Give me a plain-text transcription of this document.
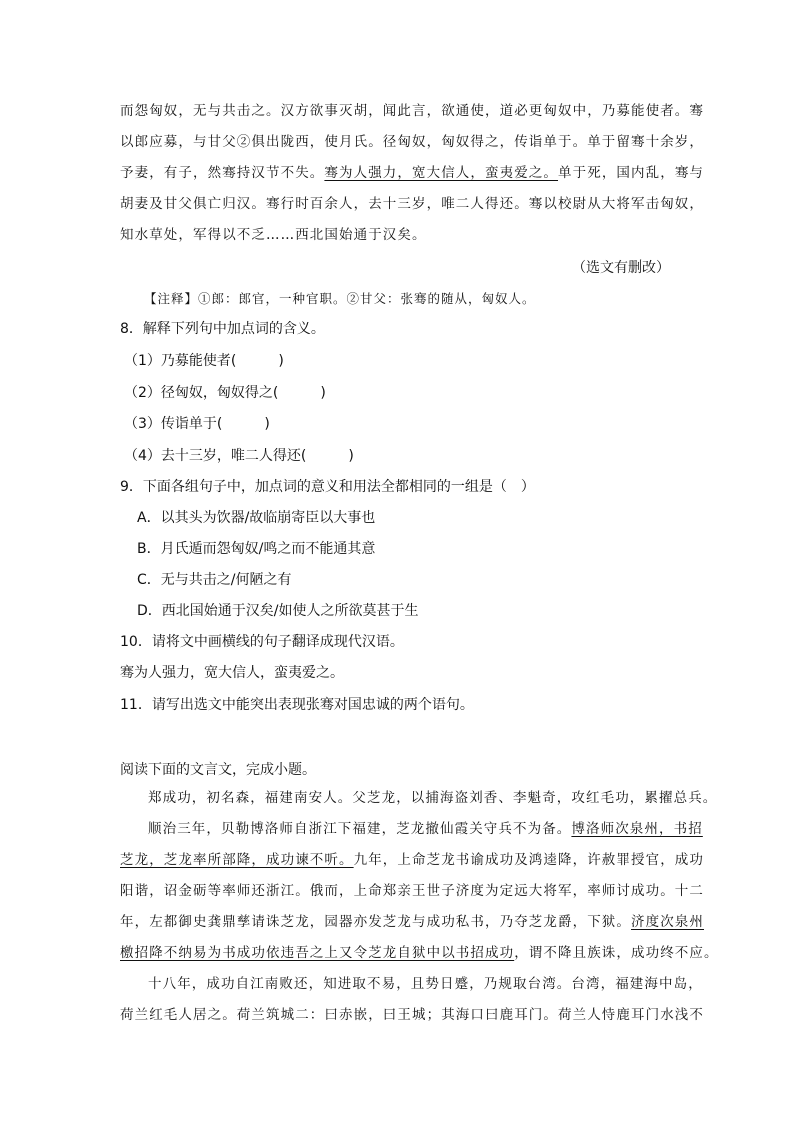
而怨匈奴，无与共击之。汉方欲事灭胡，闻此言，欲通使，道必更匈奴中，乃募能使者。骞
以郎应募，与甘父②俱出陇西，使月氏。径匈奴，匈奴得之，传诣单于。单于留骞十余岁，
予妻，有子，然骞持汉节不失。骞为人强力，宽大信人，蛮夷爱之。单于死，国内乱，骞与
胡妻及甘父俱亡归汉。骞行时百余人，去十三岁，唯二人得还。骞以校尉从大将军击匈奴，
知水草处，军得以不乏……西北国始通于汉矣。
（选文有删改）
【注释】①郎：郎官，一种官职。②甘父：张骞的随从，匈奴人。
8．解释下列句中加点词的含义。
（1）乃募能使者(　　　)
（2）径匈奴，匈奴得之(　　　)
（3）传诣单于(　　　)
（4）去十三岁，唯二人得还(　　　)
9．下面各组句子中，加点词的意义和用法全都相同的一组是（　）
A．以其头为饮器/故临崩寄臣以大事也
B．月氏遁而怨匈奴/鸣之而不能通其意
C．无与共击之/何陋之有
D．西北国始通于汉矣/如使人之所欲莫甚于生
10．请将文中画横线的句子翻译成现代汉语。
骞为人强力，宽大信人，蛮夷爱之。
11．请写出选文中能突出表现张骞对国忠诚的两个语句。
阅读下面的文言文，完成小题。
郑成功，初名森，福建南安人。父芝龙，以捕海盗刘香、李魁奇，攻红毛功，累擢总兵。
顺治三年，贝勒博洛师自浙江下福建，芝龙撤仙霞关守兵不为备。博洛师次泉州，书招
芝龙，芝龙率所部降，成功谏不听。九年，上命芝龙书谕成功及鸿逵降，许赦罪授官，成功
阳谐，诏金砺等率师还浙江。俄而，上命郑亲王世子济度为定远大将军，率师讨成功。十二
年，左都御史龚鼎孳请诛芝龙，园器亦发芝龙与成功私书，乃夺芝龙爵，下狱。济度次泉州
檄招降不纳易为书成功依违吾之上又令芝龙自狱中以书招成功，谓不降且族诛，成功终不应。
十八年，成功自江南败还，知进取不易，且势日蹙，乃规取台湾。台湾，福建海中岛，
荷兰红毛人居之。荷兰筑城二：曰赤嵌，曰王城；其海口曰鹿耳门。荷兰人恃鹿耳门水浅不
